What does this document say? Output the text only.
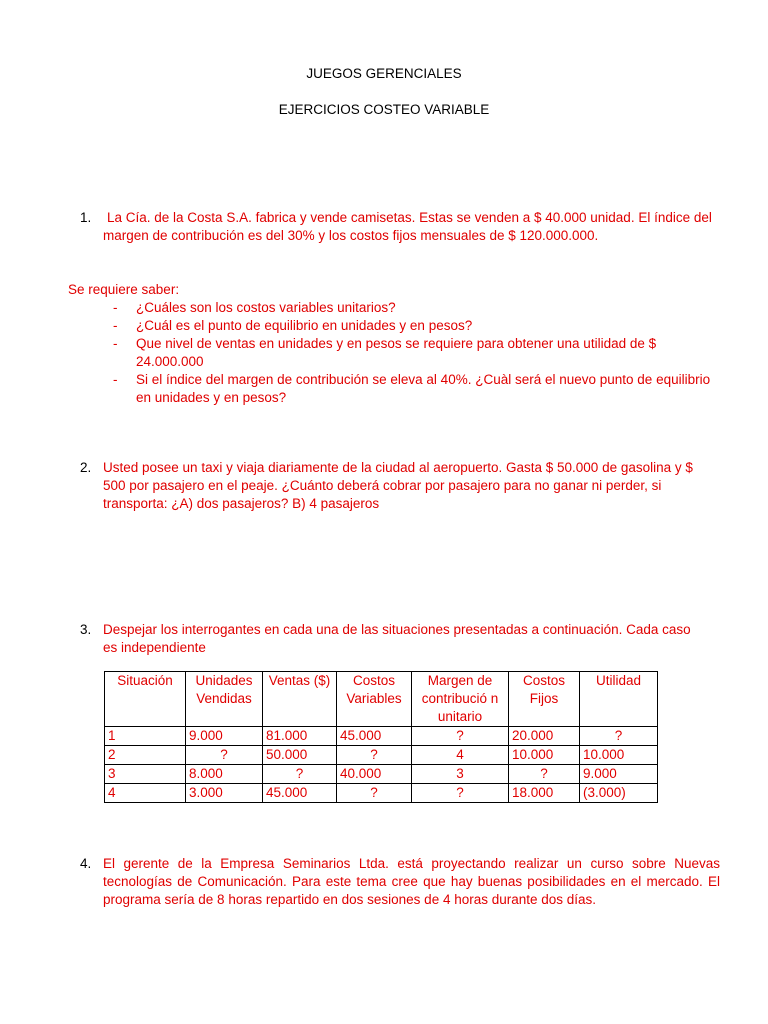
JUEGOS GERENCIALES
EJERCICIOS COSTEO VARIABLE
1. La Cía. de la Costa S.A. fabrica y vende camisetas. Estas se venden a $ 40.000 unidad. El índice del margen de contribución es del 30% y los costos fijos mensuales de $ 120.000.000.
Se requiere saber:
- ¿Cuáles son los costos variables unitarios?
- ¿Cuál es el punto de equilibrio en unidades y en pesos?
- Que nivel de ventas en unidades y en pesos se requiere para obtener una utilidad de $ 24.000.000
- Si el índice del margen de contribución se eleva al 40%. ¿Cuàl será el nuevo punto de equilibrio en unidades y en pesos?
2. Usted posee un taxi y viaja diariamente de la ciudad al aeropuerto. Gasta $ 50.000 de gasolina y $ 500 por pasajero en el peaje. ¿Cuánto deberá cobrar por pasajero para no ganar ni perder, si transporta: ¿A) dos pasajeros? B) 4 pasajeros
3. Despejar los interrogantes en cada una de las situaciones presentadas a continuación. Cada caso es independiente
Situación	Unidades Vendidas	Ventas ($)	Costos Variables	Margen de contribució n unitario	Costos Fijos	Utilidad
1	9.000	81.000	45.000	?	20.000	?
2	?	50.000	?	4	10.000	10.000
3	8.000	?	40.000	3	?	9.000
4	3.000	45.000	?	?	18.000	(3.000)
4. El gerente de la Empresa Seminarios Ltda. está proyectando realizar un curso sobre Nuevas tecnologías de Comunicación. Para este tema cree que hay buenas posibilidades en el mercado. El programa sería de 8 horas repartido en dos sesiones de 4 horas durante dos días.
